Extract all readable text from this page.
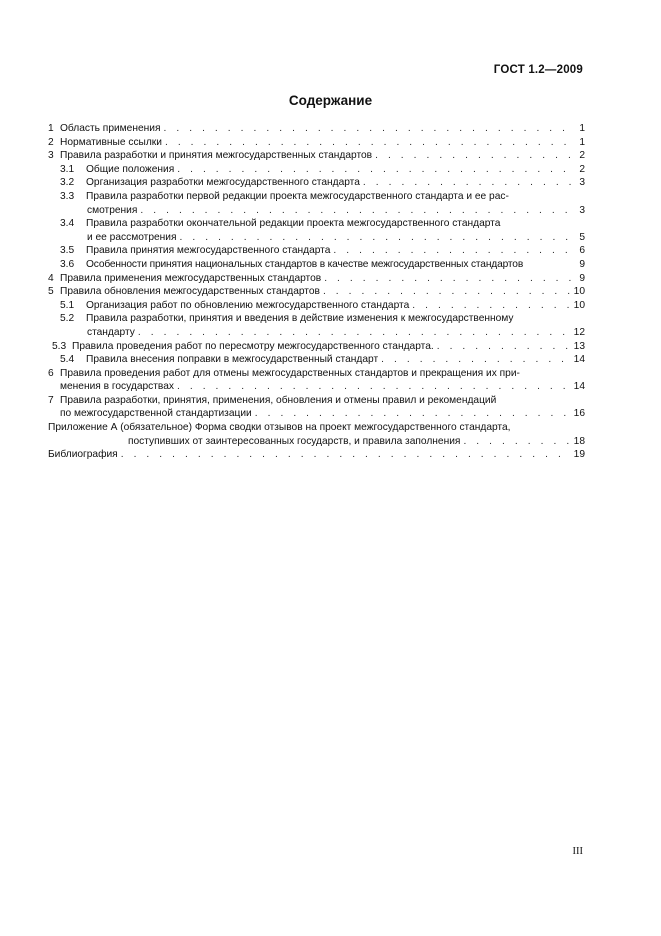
ГОСТ 1.2—2009
Содержание
1 Область применения . . .	1
2 Нормативные ссылки . . .	1
3 Правила разработки и принятия межгосударственных стандартов . . .	2
3.1	Общие положения . . .	2
3.2	Организация разработки межгосударственного стандарта . . .	3
3.3	Правила разработки первой редакции проекта межгосударственного стандарта и ее рас-
смотрения . . .	3
3.4	Правила разработки окончательной редакции проекта межгосударственного стандарта
и ее рассмотрения . . .	5
3.5	Правила принятия межгосударственного стандарта . . .	6
3.6	Особенности принятия национальных стандартов в качестве межгосударственных стандартов	9
4 Правила применения межгосударственных стандартов . . .	9
5 Правила обновления межгосударственных стандартов . . .	10
5.1	Организация работ по обновлению межгосударственного стандарта . . .	10
5.2	Правила разработки, принятия и введения в действие изменения к межгосударственному
стандарту . . .	12
5.3 Правила проведения работ по пересмотру межгосударственного стандарта. . . .	13
5.4	Правила внесения поправки в межгосударственный стандарт . . .	14
6 Правила проведения работ для отмены межгосударственных стандартов и прекращения их при-
менения в государствах . . .	14
7 Правила разработки, принятия, применения, обновления и отмены правил и рекомендаций
по межгосударственной стандартизации . . .	16
Приложение А (обязательное) Форма сводки отзывов на проект межгосударственного стандарта,
поступивших от заинтересованных государств, и правила заполнения . . .	18
Библиография . . .	19
III
